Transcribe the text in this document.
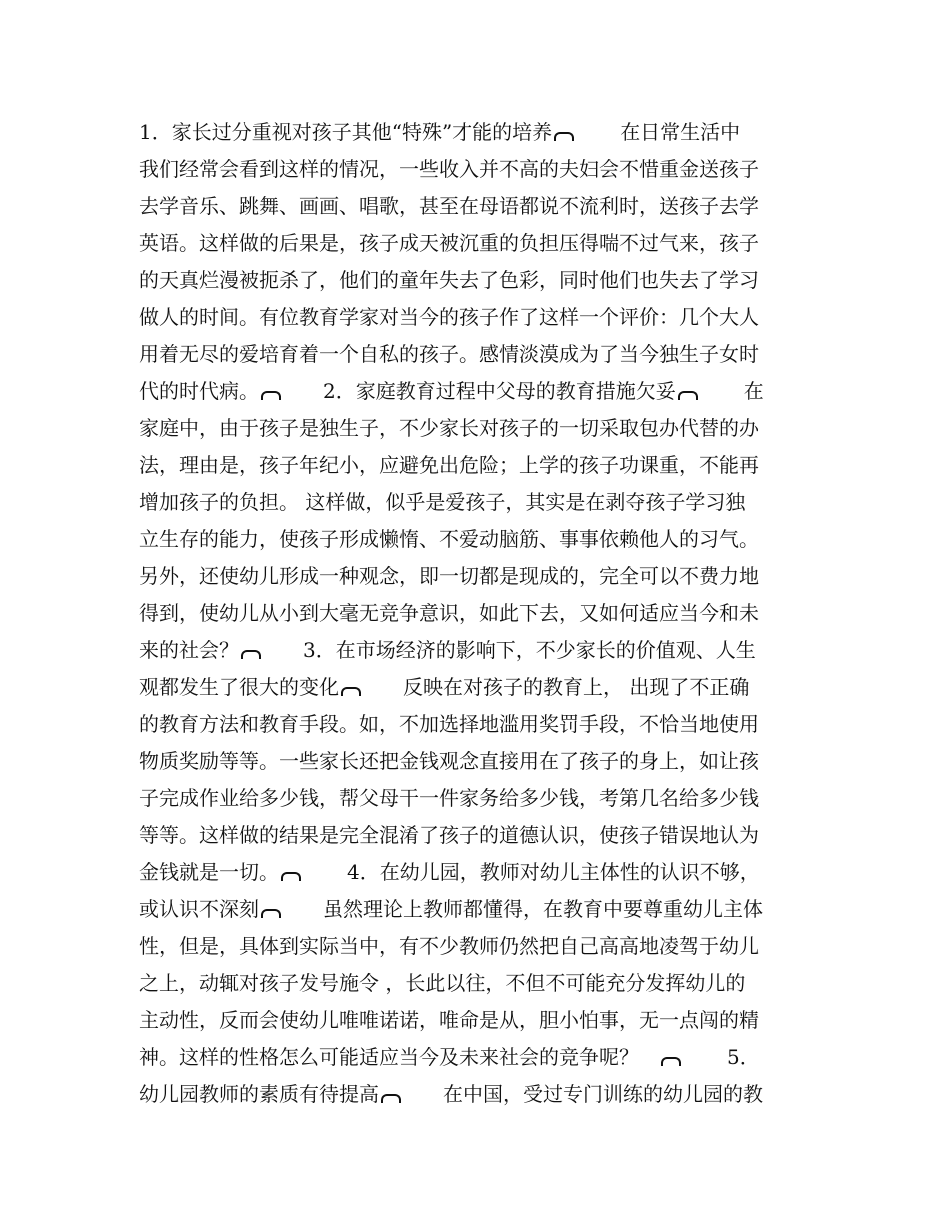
1．家长过分重视对孩子其他“特殊”才能的培养	在日常生活中
我们经常会看到这样的情况，一些收入并不高的夫妇会不惜重金送孩子
去学音乐、跳舞、画画、唱歌，甚至在母语都说不流利时，送孩子去学
英语。这样做的后果是，孩子成天被沉重的负担压得喘不过气来，孩子
的天真烂漫被扼杀了，他们的童年失去了色彩，同时他们也失去了学习
做人的时间。有位教育学家对当今的孩子作了这样一个评价：几个大人
用着无尽的爱培育着一个自私的孩子。感情淡漠成为了当今独生子女时
代的时代病。	2．家庭教育过程中父母的教育措施欠妥	在
家庭中，由于孩子是独生子，不少家长对孩子的一切采取包办代替的办
法，理由是，孩子年纪小，应避免出危险；上学的孩子功课重，不能再
增加孩子的负担。 这样做，似乎是爱孩子，其实是在剥夺孩子学习独
立生存的能力，使孩子形成懒惰、不爱动脑筋、事事依赖他人的习气。
另外，还使幼儿形成一种观念，即一切都是现成的，完全可以不费力地
得到，使幼儿从小到大毫无竞争意识，如此下去，又如何适应当今和未
来的社会？	3．在市场经济的影响下，不少家长的价值观、人生
观都发生了很大的变化	反映在对孩子的教育上， 出现了不正确
的教育方法和教育手段。如，不加选择地滥用奖罚手段，不恰当地使用
物质奖励等等。一些家长还把金钱观念直接用在了孩子的身上，如让孩
子完成作业给多少钱，帮父母干一件家务给多少钱，考第几名给多少钱
等等。这样做的结果是完全混淆了孩子的道德认识，使孩子错误地认为
金钱就是一切。	4．在幼儿园，教师对幼儿主体性的认识不够，
或认识不深刻	虽然理论上教师都懂得，在教育中要尊重幼儿主体
性，但是，具体到实际当中，有不少教师仍然把自己高高地凌驾于幼儿
之上，动辄对孩子发号施令 ，长此以往，不但不可能充分发挥幼儿的
主动性，反而会使幼儿唯唯诺诺，唯命是从，胆小怕事，无一点闯的精
神。这样的性格怎么可能适应当今及未来社会的竞争呢？	5．
幼儿园教师的素质有待提高	在中国，受过专门训练的幼儿园的教
